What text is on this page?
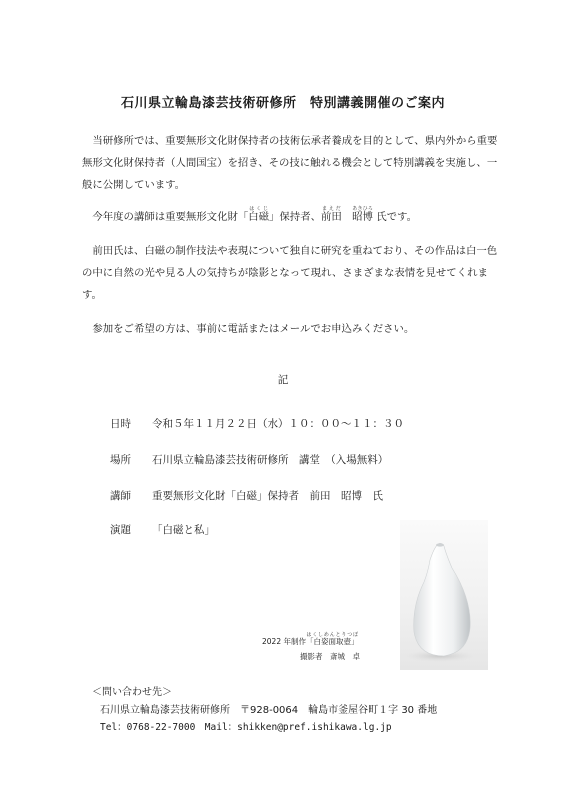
石川県立輪島漆芸技術研修所　特別講義開催のご案内

当研修所では、重要無形文化財保持者の技術伝承者養成を目的として、県内外から重要無形文化財保持者（人間国宝）を招き、その技に触れる機会として特別講義を実施し、一般に公開しています。

今年度の講師は重要無形文化財「白磁はくじ」保持者、前田まえだ　昭博あきひろ 氏です。

前田氏は、白磁の制作技法や表現について独自に研究を重ねており、その作品は白一色の中に自然の光や見る人の気持ちが陰影となって現れ、さまざまな表情を見せてくれます。

参加をご希望の方は、事前に電話またはメールでお申込みください。

記
日時 令和５年１１月２２日（水）１０：００～１１：３０
場所 石川県立輪島漆芸技術研修所　講堂　（入場無料）
講師 重要無形文化財「白磁」保持者　前田　昭博　氏
演題 「白磁と私」
2022 年制作「白姿面取壺」はくしめんとりつぼ
撮影者　斎城　卓
＜問い合わせ先＞
石川県立輪島漆芸技術研修所　〒928-0064　輪島市釜屋谷町１字 30 番地
Tel：0768-22-7000　Mail：shikken@pref.ishikawa.lg.jp
